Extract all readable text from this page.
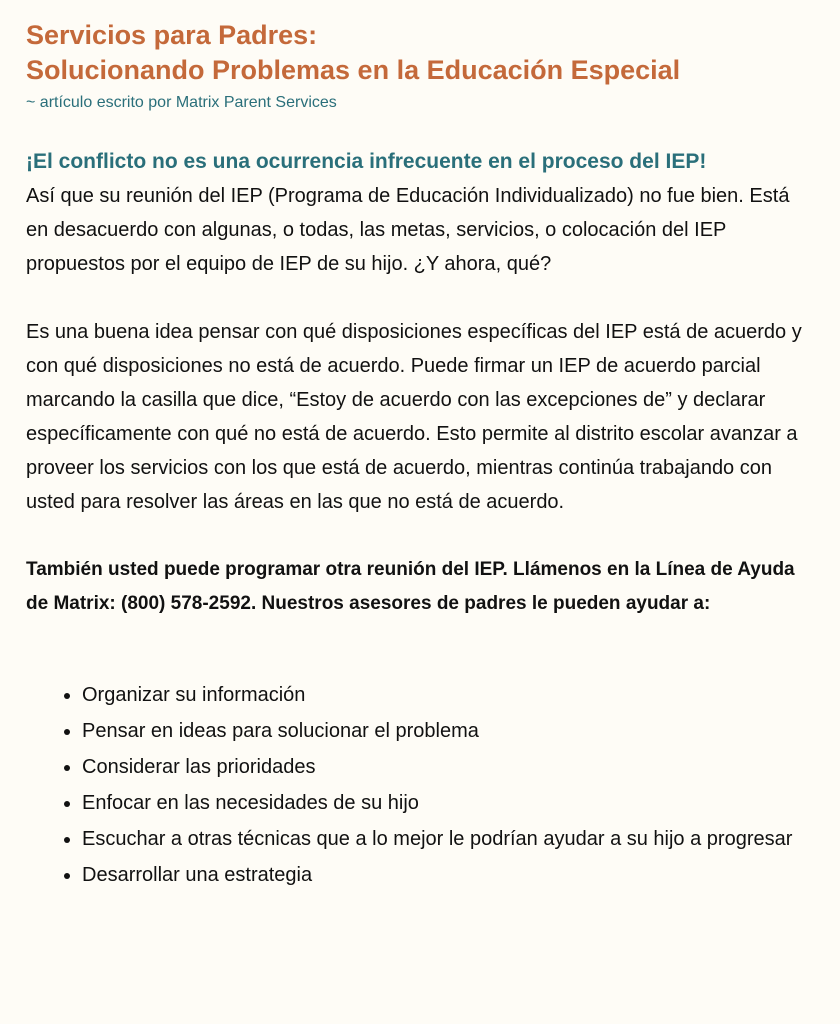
Servicios para Padres:
Solucionando Problemas en la Educación Especial

~ artículo escrito por Matrix Parent Services

¡El conflicto no es una ocurrencia infrecuente en el proceso del IEP!

Así que su reunión del IEP (Programa de Educación Individualizado) no fue bien. Está en desacuerdo con algunas, o todas, las metas, servicios, o colocación del IEP propuestos por el equipo de IEP de su hijo. ¿Y ahora, qué?

Es una buena idea pensar con qué disposiciones específicas del IEP está de acuerdo y con qué disposiciones no está de acuerdo. Puede firmar un IEP de acuerdo parcial marcando la casilla que dice, “Estoy de acuerdo con las excepciones de” y declarar específicamente con qué no está de acuerdo. Esto permite al distrito escolar avanzar a proveer los servicios con los que está de acuerdo, mientras continúa trabajando con usted para resolver las áreas en las que no está de acuerdo.

También usted puede programar otra reunión del IEP. Llámenos en la Línea de Ayuda de Matrix: (800) 578-2592. Nuestros asesores de padres le pueden ayudar a:

• Organizar su información
• Pensar en ideas para solucionar el problema
• Considerar las prioridades
• Enfocar en las necesidades de su hijo
• Escuchar a otras técnicas que a lo mejor le podrían ayudar a su hijo a progresar
• Desarrollar una estrategia
